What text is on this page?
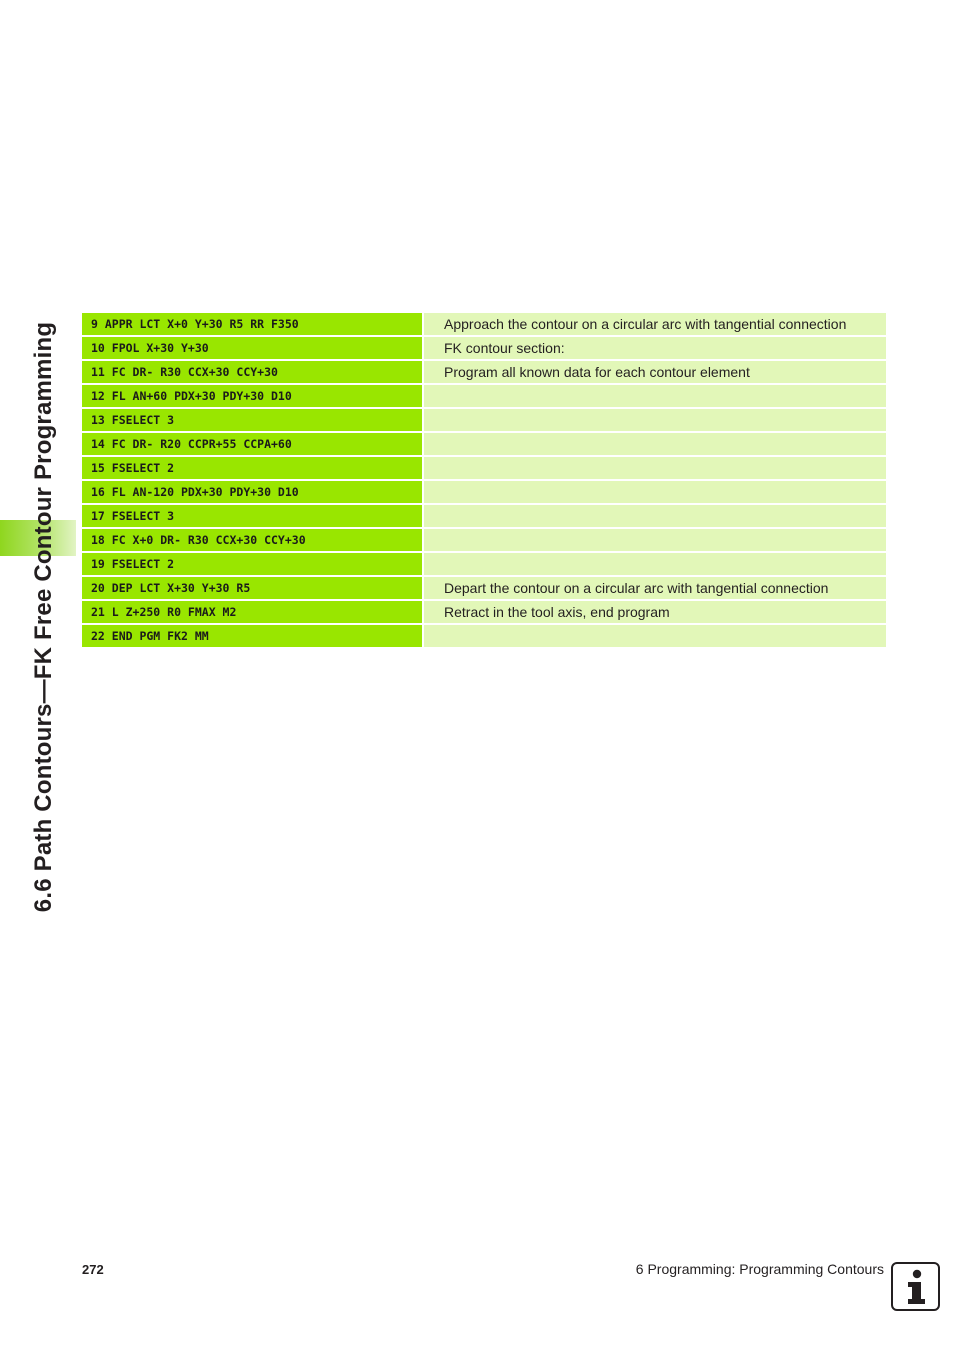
6.6 Path Contours—FK Free Contour Programming	9 APPR LCT X+0 Y+30 R5 RR F350	Approach the contour on a circular arc with tangential connection
10 FPOL X+30 Y+30	FK contour section:
11 FC DR- R30 CCX+30 CCY+30	Program all known data for each contour element
12 FL AN+60 PDX+30 PDY+30 D10
13 FSELECT 3
14 FC DR- R20 CCPR+55 CCPA+60
15 FSELECT 2
16 FL AN-120 PDX+30 PDY+30 D10
17 FSELECT 3
18 FC X+0 DR- R30 CCX+30 CCY+30
19 FSELECT 2
20 DEP LCT X+30 Y+30 R5	Depart the contour on a circular arc with tangential connection
21 L Z+250 R0 FMAX M2	Retract in the tool axis, end program
22 END PGM FK2 MM
272	6 Programming: Programming Contours
